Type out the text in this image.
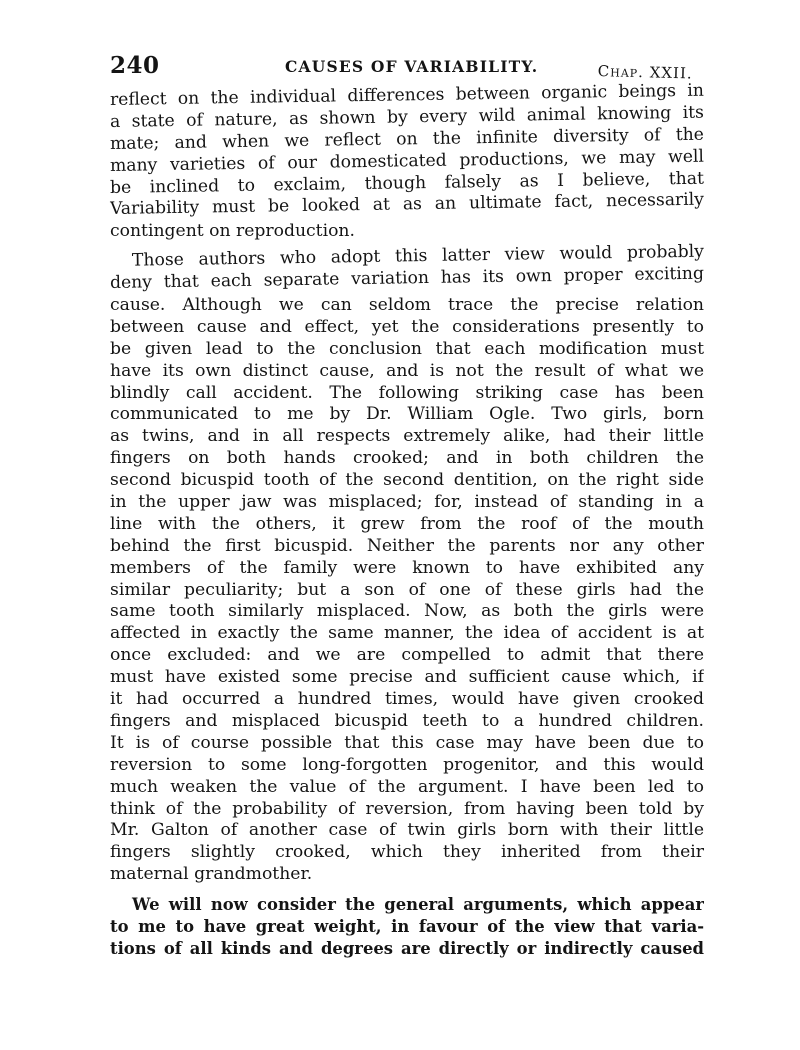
240	CAUSES OF VARIABILITY.	Chap. XXII.
reflect on the individual differences between organic beings in
a state of nature, as shown by every wild animal knowing its
mate; and when we reflect on the infinite diversity of the
many varieties of our domesticated productions, we may well
be inclined to exclaim, though falsely as I believe, that
Variability must be looked at as an ultimate fact, necessarily
contingent on reproduction.
Those authors who adopt this latter view would probably
deny that each separate variation has its own proper exciting
cause. Although we can seldom trace the precise relation
between cause and effect, yet the considerations presently to
be given lead to the conclusion that each modification must
have its own distinct cause, and is not the result of what we
blindly call accident. The following striking case has been
communicated to me by Dr. William Ogle. Two girls, born
as twins, and in all respects extremely alike, had their little
fingers on both hands crooked; and in both children the
second bicuspid tooth of the second dentition, on the right side
in the upper jaw was misplaced; for, instead of standing in a
line with the others, it grew from the roof of the mouth
behind the first bicuspid. Neither the parents nor any other
members of the family were known to have exhibited any
similar peculiarity; but a son of one of these girls had the
same tooth similarly misplaced. Now, as both the girls were
affected in exactly the same manner, the idea of accident is at
once excluded: and we are compelled to admit that there
must have existed some precise and sufficient cause which, if
it had occurred a hundred times, would have given crooked
fingers and misplaced bicuspid teeth to a hundred children.
It is of course possible that this case may have been due to
reversion to some long-forgotten progenitor, and this would
much weaken the value of the argument. I have been led to
think of the probability of reversion, from having been told by
Mr. Galton of another case of twin girls born with their little
fingers slightly crooked, which they inherited from their
maternal grandmother.
We will now consider the general arguments, which appear
to me to have great weight, in favour of the view that varia-
tions of all kinds and degrees are directly or indirectly caused
